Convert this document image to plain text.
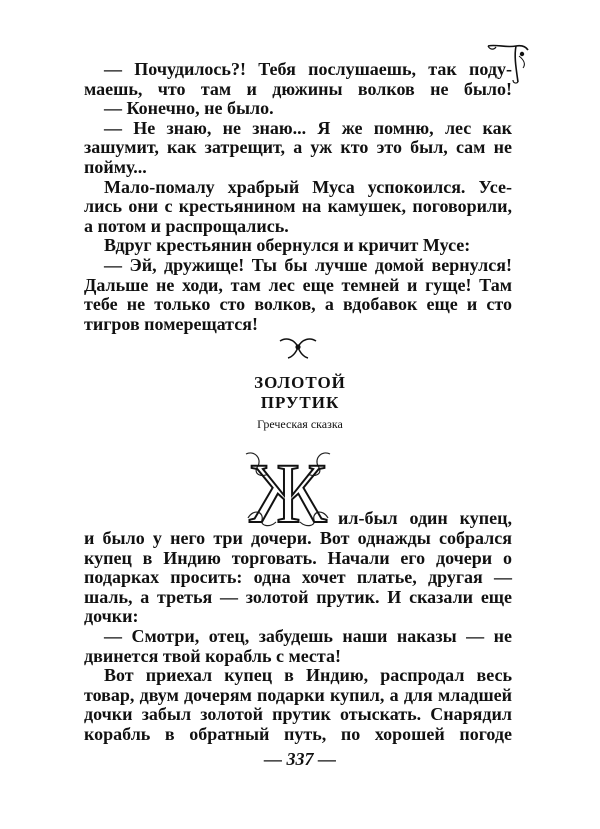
— Почудилось?! Тебя послушаешь, так поду-
маешь, что там и дюжины волков не было!
— Конечно, не было.
— Не знаю, не знаю... Я же помню, лес как
зашумит, как затрещит, а уж кто это был, сам не
пойму...
Мало-помалу храбрый Муса успокоился. Усе-
лись они с крестьянином на камушек, поговорили,
а потом и распрощались.
Вдруг крестьянин обернулся и кричит Мусе:
— Эй, дружище! Ты бы лучше домой вернулся!
Дальше не ходи, там лес еще темней и гуще! Там
тебе не только сто волков, а вдобавок еще и сто
тигров померещатся!
ЗОЛОТОЙ
ПРУТИК
Греческая сказка
Ж ил-был один купец,
и было у него три дочери. Вот однажды собрался
купец в Индию торговать. Начали его дочери о
подарках просить: одна хочет платье, другая —
шаль, а третья — золотой прутик. И сказали еще
дочки:
— Смотри, отец, забудешь наши наказы — не
двинется твой корабль с места!
Вот приехал купец в Индию, распродал весь
товар, двум дочерям подарки купил, а для младшей
дочки забыл золотой прутик отыскать. Снарядил
корабль в обратный путь, по хорошей погоде
— 337 —
